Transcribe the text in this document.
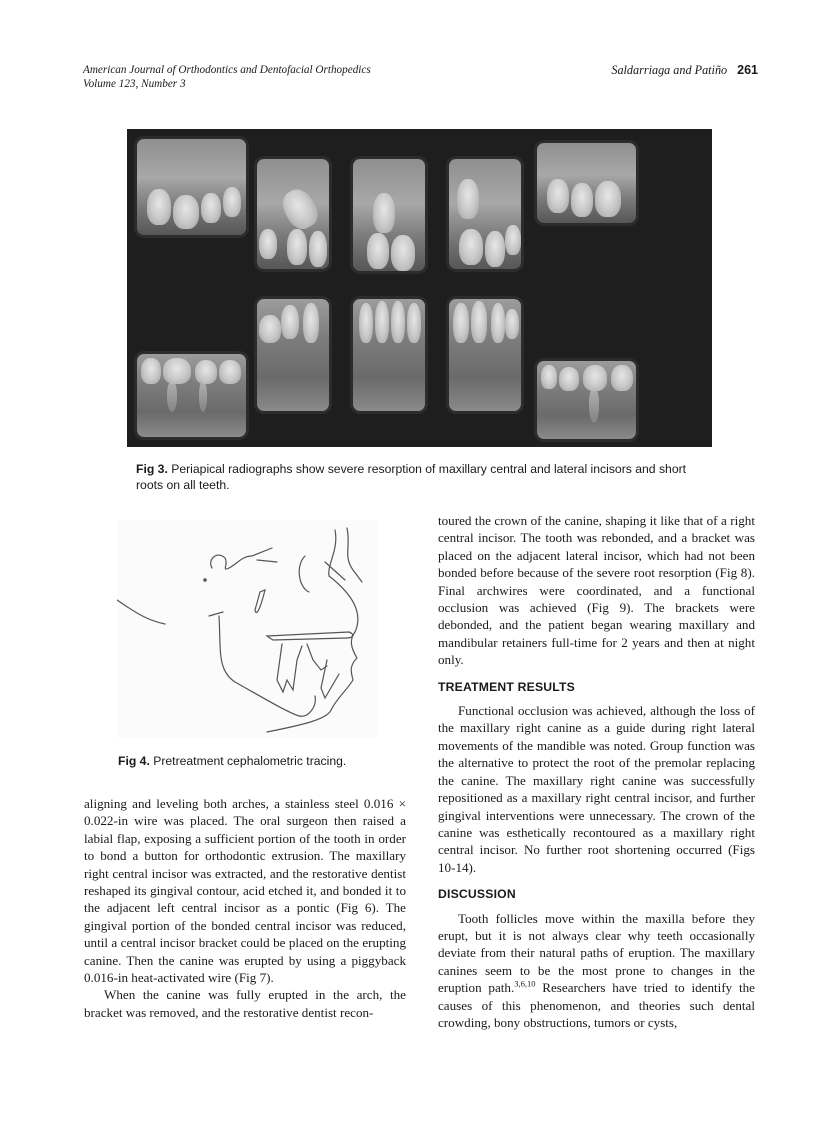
American Journal of Orthodontics and Dentofacial Orthopedics
Volume 123, Number 3
Saldarriaga and Patiño 261
Fig 3. Periapical radiographs show severe resorption of maxillary central and lateral incisors and short roots on all teeth.
Fig 4. Pretreatment cephalometric tracing.

aligning and leveling both arches, a stainless steel 0.016 × 0.022-in wire was placed. The oral surgeon then raised a labial flap, exposing a sufficient portion of the tooth in order to bond a button for orthodontic extrusion. The maxillary right central incisor was extracted, and the restorative dentist reshaped its gingival contour, acid etched it, and bonded it to the adjacent left central incisor as a pontic (Fig 6). The gingival portion of the bonded central incisor was reduced, until a central incisor bracket could be placed on the erupting canine. Then the canine was erupted by using a piggyback 0.016-in heat-activated wire (Fig 7).

When the canine was fully erupted in the arch, the bracket was removed, and the restorative dentist recon-

toured the crown of the canine, shaping it like that of a right central incisor. The tooth was rebonded, and a bracket was placed on the adjacent lateral incisor, which had not been bonded before because of the severe root resorption (Fig 8). Final archwires were coordinated, and a functional occlusion was achieved (Fig 9). The brackets were debonded, and the patient began wearing maxillary and mandibular retainers full-time for 2 years and then at night only.

TREATMENT RESULTS

Functional occlusion was achieved, although the loss of the maxillary right canine as a guide during right lateral movements of the mandible was noted. Group function was the alternative to protect the root of the premolar replacing the canine. The maxillary right canine was successfully repositioned as a maxillary right central incisor, and further gingival interventions were unnecessary. The crown of the canine was esthetically recontoured as a maxillary right central incisor. No further root shortening occurred (Figs 10-14).

DISCUSSION

Tooth follicles move within the maxilla before they erupt, but it is not always clear why teeth occasionally deviate from their natural paths of eruption. The maxillary canines seem to be the most prone to changes in the eruption path.$^{3,6,10}$ Researchers have tried to identify the causes of this phenomenon, and theories such dental crowding, bony obstructions, tumors or cysts,
